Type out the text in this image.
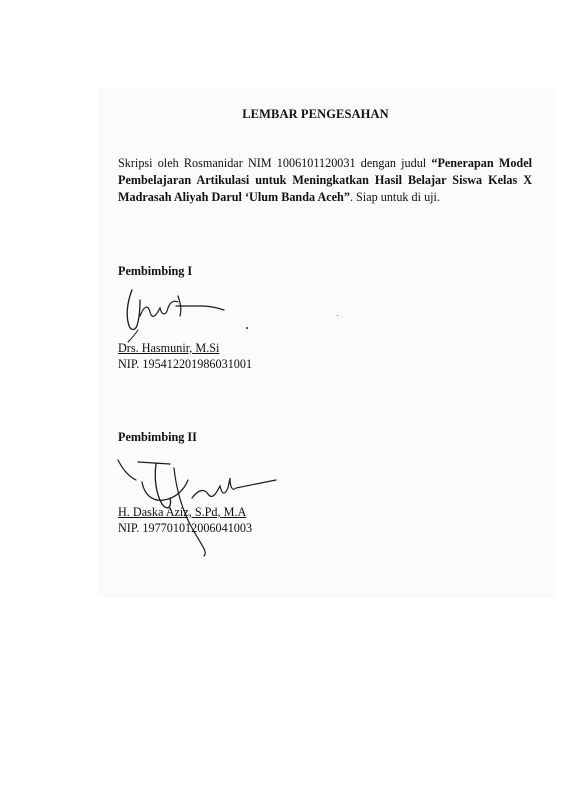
LEMBAR PENGESAHAN

Skripsi oleh Rosmanidar NIM 1006101120031 dengan judul “Penerapan Model Pembelajaran Artikulasi untuk Meningkatkan Hasil Belajar Siswa Kelas X Madrasah Aliyah Darul ‘Ulum Banda Aceh”. Siap untuk di uji.

Pembimbing I
Drs. Hasmunir, M.Si
NIP. 195412201986031001
Pembimbing II
H. Daska Aziz, S.Pd, M.A
NIP. 197701012006041003
